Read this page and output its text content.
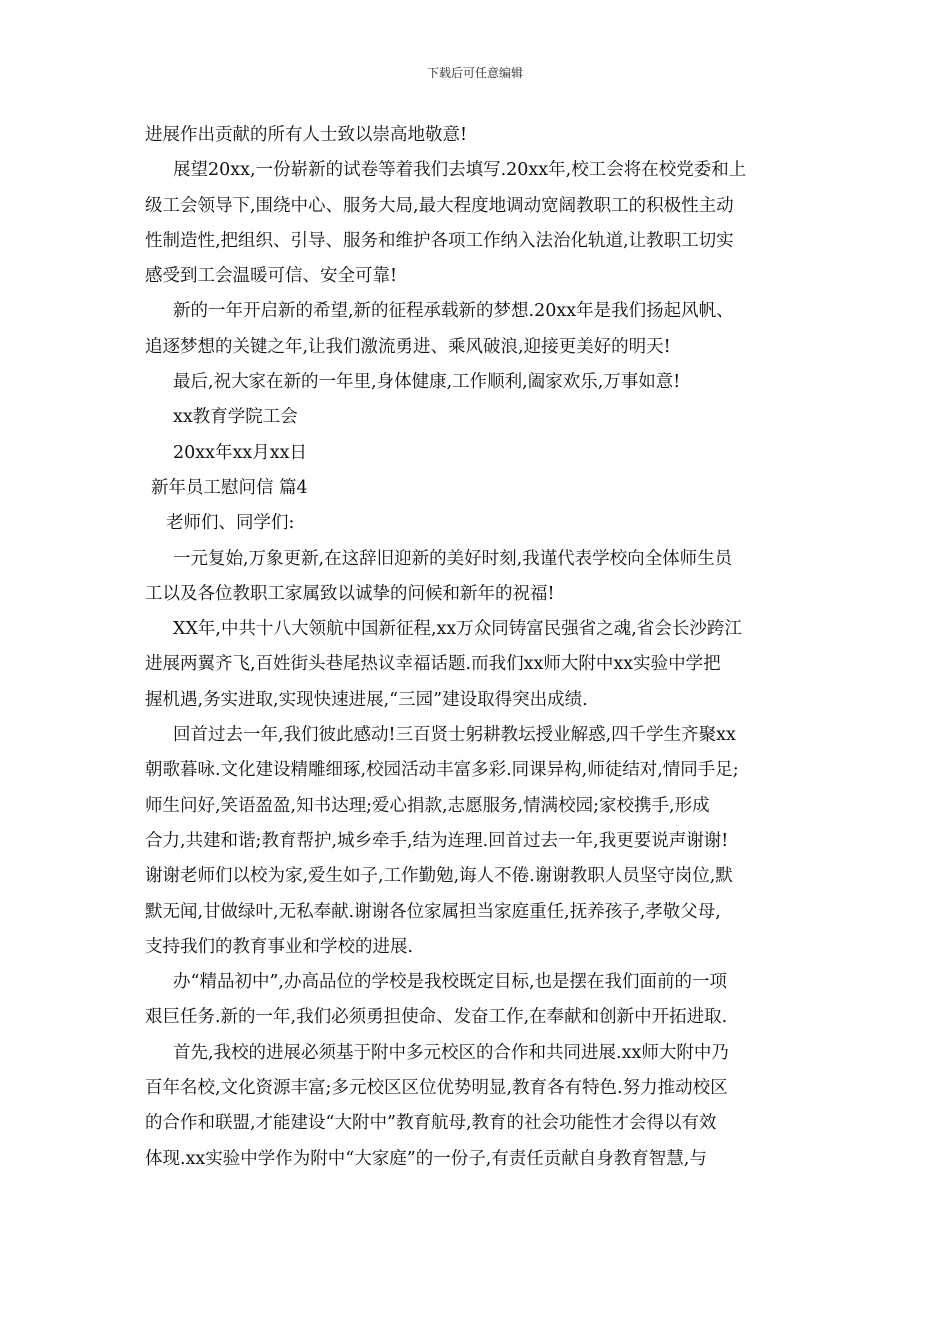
下载后可任意编辑
进展作出贡献的所有人士致以崇高地敬意!
展望20xx,一份崭新的试卷等着我们去填写.20xx年,校工会将在校党委和上
级工会领导下,围绕中心、服务大局,最大程度地调动宽阔教职工的积极性主动
性制造性,把组织、引导、服务和维护各项工作纳入法治化轨道,让教职工切实
感受到工会温暖可信、安全可靠!
新的一年开启新的希望,新的征程承载新的梦想.20xx年是我们扬起风帆、
追逐梦想的关键之年,让我们激流勇进、乘风破浪,迎接更美好的明天!
最后,祝大家在新的一年里,身体健康,工作顺利,阖家欢乐,万事如意!
xx教育学院工会
20xx年xx月xx日
新年员工慰问信 篇4
老师们、同学们:
一元复始,万象更新,在这辞旧迎新的美好时刻,我谨代表学校向全体师生员
工以及各位教职工家属致以诚挚的问候和新年的祝福!
XX年,中共十八大领航中国新征程,xx万众同铸富民强省之魂,省会长沙跨江
进展两翼齐飞,百姓街头巷尾热议幸福话题.而我们xx师大附中xx实验中学把
握机遇,务实进取,实现快速进展,“三园”建设取得突出成绩.
回首过去一年,我们彼此感动!三百贤士躬耕教坛授业解惑,四千学生齐聚xx
朝歌暮咏.文化建设精雕细琢,校园活动丰富多彩.同课异构,师徒结对,情同手足;
师生问好,笑语盈盈,知书达理;爱心捐款,志愿服务,情满校园;家校携手,形成
合力,共建和谐;教育帮护,城乡牵手,结为连理.回首过去一年,我更要说声谢谢!
谢谢老师们以校为家,爱生如子,工作勤勉,诲人不倦.谢谢教职人员坚守岗位,默
默无闻,甘做绿叶,无私奉献.谢谢各位家属担当家庭重任,抚养孩子,孝敬父母,
支持我们的教育事业和学校的进展.
办“精品初中”,办高品位的学校是我校既定目标,也是摆在我们面前的一项
艰巨任务.新的一年,我们必须勇担使命、发奋工作,在奉献和创新中开拓进取.
首先,我校的进展必须基于附中多元校区的合作和共同进展.xx师大附中乃
百年名校,文化资源丰富;多元校区区位优势明显,教育各有特色.努力推动校区
的合作和联盟,才能建设“大附中”教育航母,教育的社会功能性才会得以有效
体现.xx实验中学作为附中“大家庭”的一份子,有责任贡献自身教育智慧,与
